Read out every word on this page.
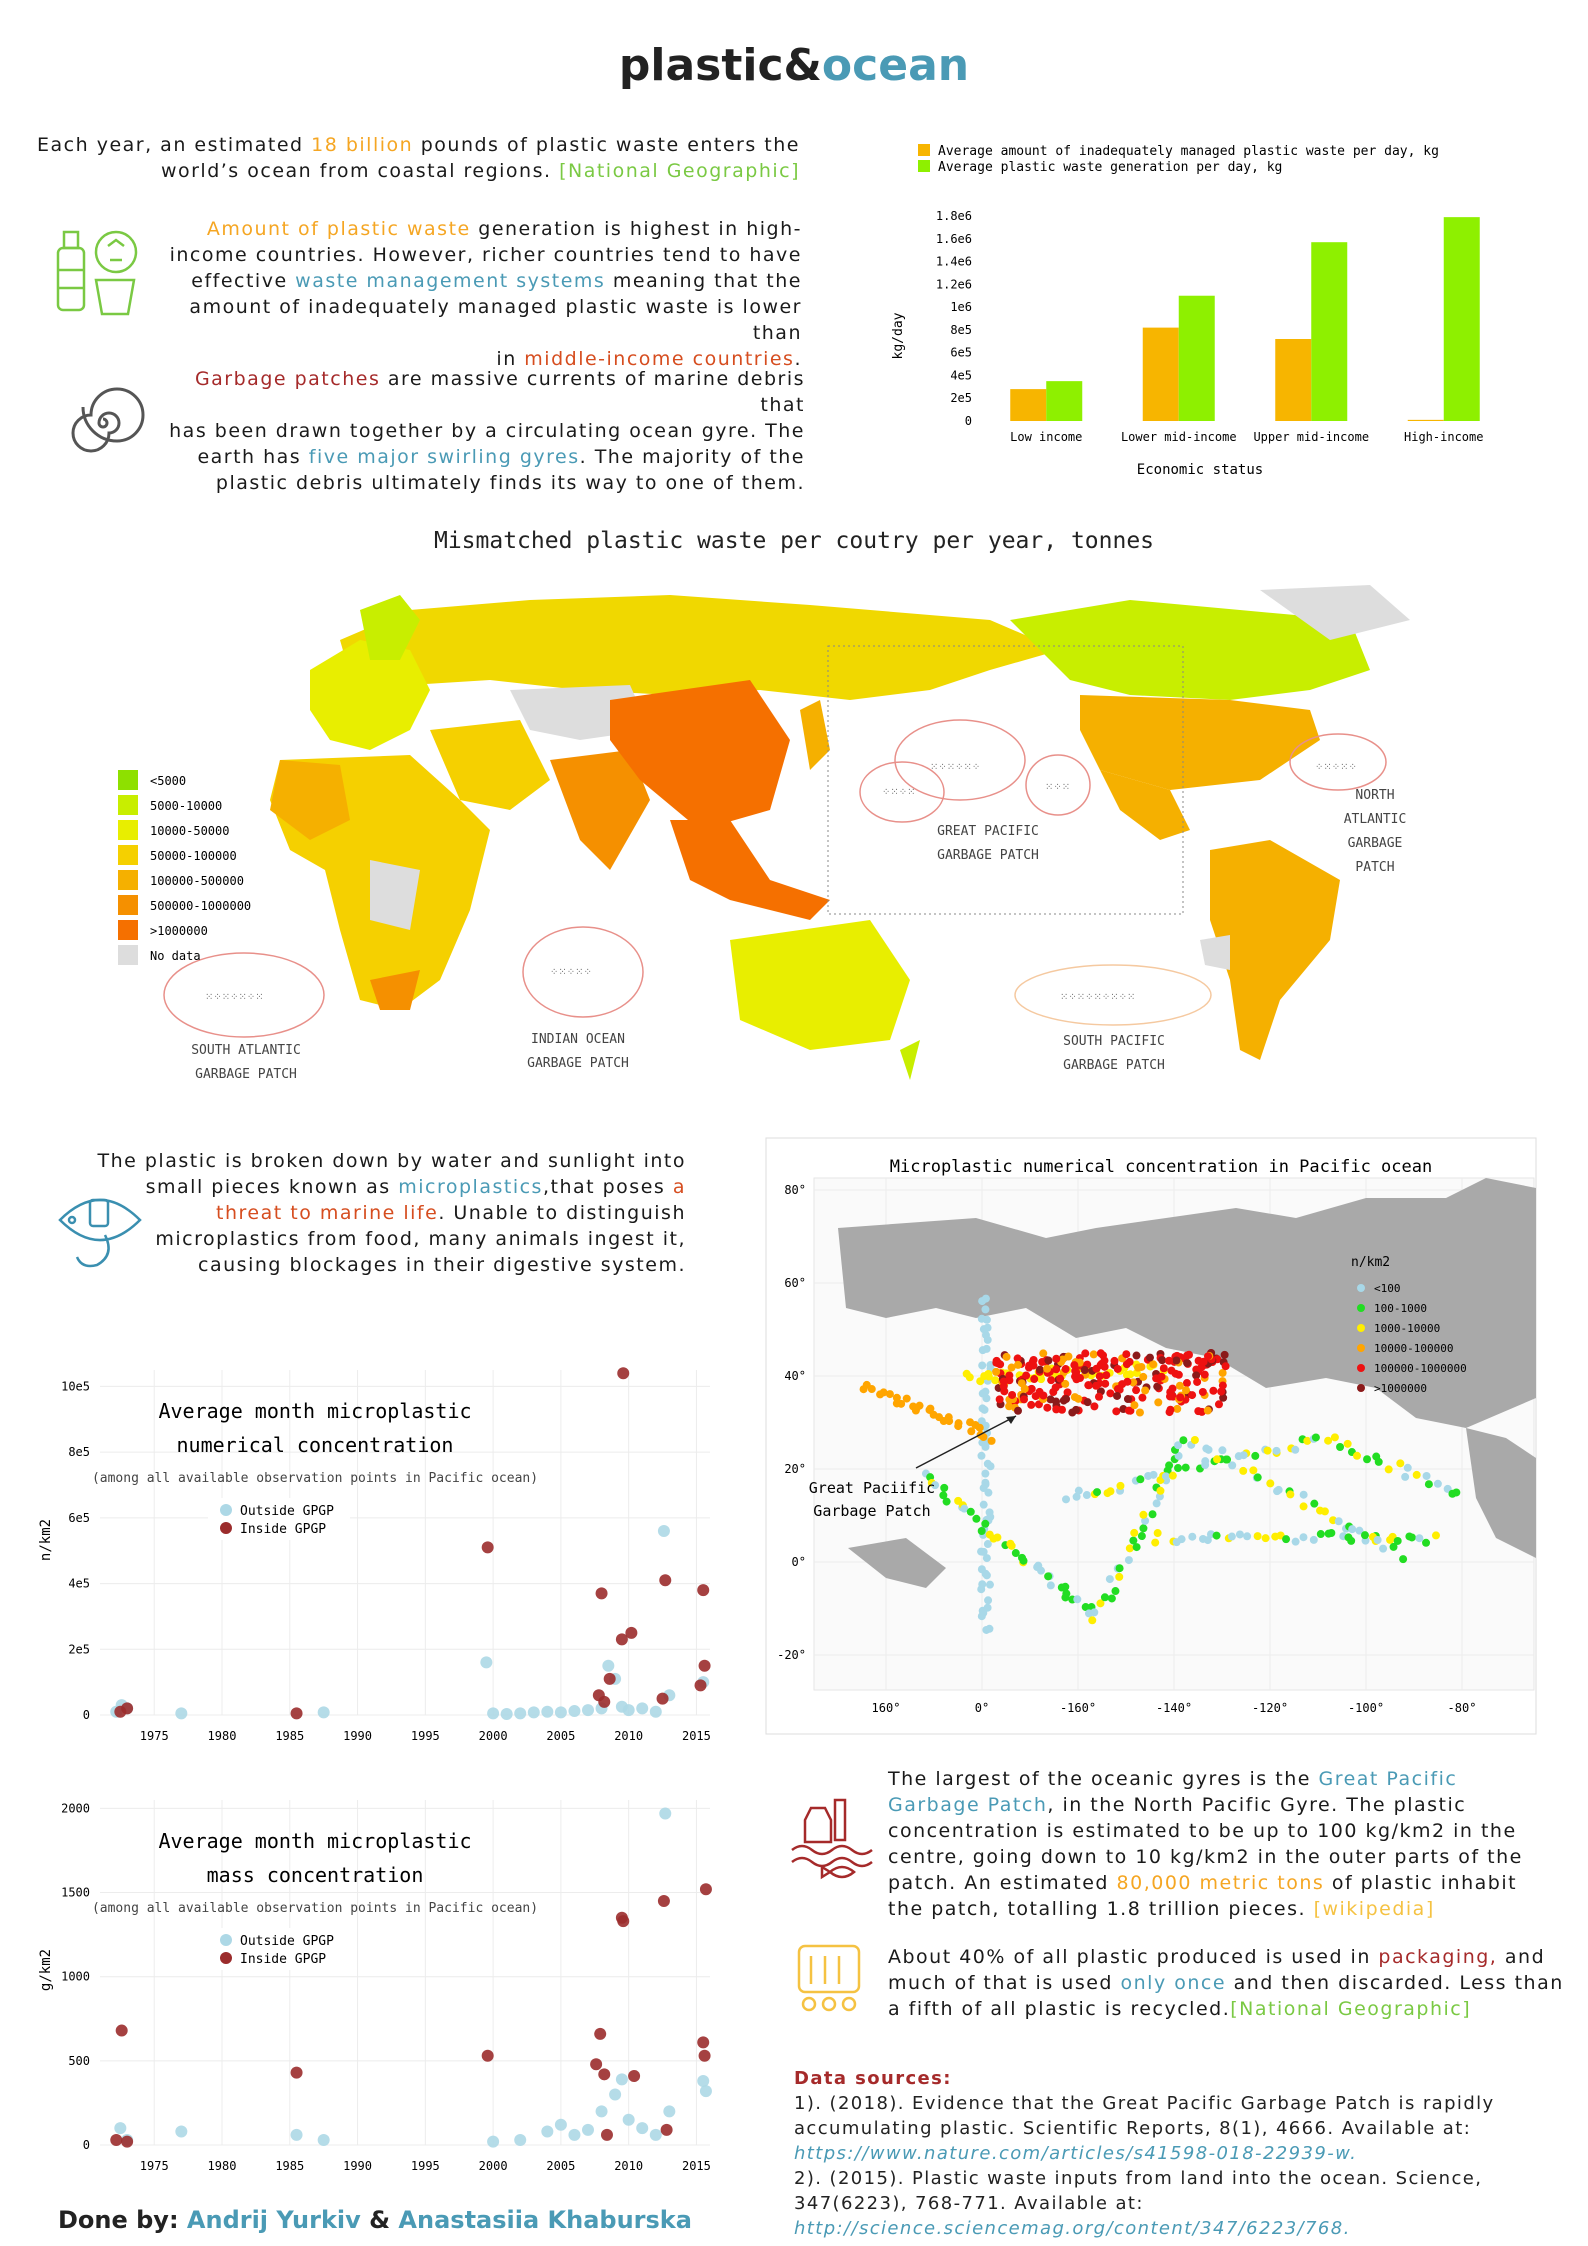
plastic&ocean
Each year, an estimated 18 billion pounds of plastic waste enters the
world’s ocean from coastal regions. [National Geographic]
Amount of plastic waste generation is highest in high-
income countries. However, richer countries tend to have
effective waste management systems meaning that the
amount of inadequately managed plastic waste is lower than
in middle-income countries.
Garbage patches are massive currents of marine debris that
has been drawn together by a circulating ocean gyre. The
earth has five major swirling gyres. The majority of the
plastic debris ultimately finds its way to one of them.
Average amount of inadequately managed plastic waste per day, kg
Average plastic waste generation per day, kg
0
2e5
4e5
6e5
8e5
1e6
1.2e6
1.4e6
1.6e6
1.8e6
Low income	Lower mid-income Upper mid-income	High-income
kg/day
Economic status
Mismatched plastic waste per coutry per year, tonnes
⁙⁘⁙⁘⁙⁘
⁘⁙⁘⁙	⁙⁘⁙
⁘⁙⁘⁙⁘
⁙⁘⁙⁘⁙⁘⁙
⁘⁙⁘⁙⁘
⁙⁘⁙⁘⁙⁘⁙⁘⁙
GREAT PACIFIC
GARBAGE PATCH
NORTH
ATLANTIC
GARBAGE
PATCH
SOUTH ATLANTIC
GARBAGE PATCH
INDIAN OCEAN
GARBAGE PATCH
SOUTH PACIFIC
GARBAGE PATCH
<5000
5000-10000
10000-50000
50000-100000
100000-500000
500000-1000000
>1000000
No data
The plastic is broken down by water and sunlight into
small pieces known as microplastics,that poses a
threat to marine life. Unable to distinguish
microplastics from food, many animals ingest it,
causing blockages in their digestive system.
Microplastic numerical concentration in Pacific ocean
80°
60°
40°
20°
0°
-20°
160°	0°	-160°	-140°	-120°	-100°	-80°
n/km2
<100
100-1000
1000-10000
10000-100000
100000-1000000
>1000000
Great Paciific
Garbage Patch
0
2e5
4e5
6e5
8e5
10e5
1975	1980	1985	1990	1995	2000	2005	2010	2015
n/km2
Average month microplastic
numerical concentration
(among all available observation points in Pacific ocean)
Outside GPGP
Inside GPGP
0
500
1000
1500
2000
1975	1980	1985	1990	1995	2000	2005	2010	2015
g/km2
Average month microplastic
mass concentration
(among all available observation points in Pacific ocean)
Outside GPGP
Inside GPGP
The largest of the oceanic gyres is the Great Pacific
Garbage Patch, in the North Pacific Gyre. The plastic
concentration is estimated to be up to 100 kg/km2 in the
centre, going down to 10 kg/km2 in the outer parts of the
patch. An estimated 80,000 metric tons of plastic inhabit
the patch, totalling 1.8 trillion pieces. [wikipedia]
About 40% of all plastic produced is used in packaging, and
much of that is used only once and then discarded. Less than
a fifth of all plastic is recycled.[National Geographic]
Data sources:
1). (2018). Evidence that the Great Pacific Garbage Patch is rapidly
accumulating plastic. Scientific Reports, 8(1), 4666. Available at:
https://www.nature.com/articles/s41598-018-22939-w.
2). (2015). Plastic waste inputs from land into the ocean. Science,
347(6223), 768-771. Available at:
http://science.sciencemag.org/content/347/6223/768.
Done by: Andrij Yurkiv & Anastasiia Khaburska
